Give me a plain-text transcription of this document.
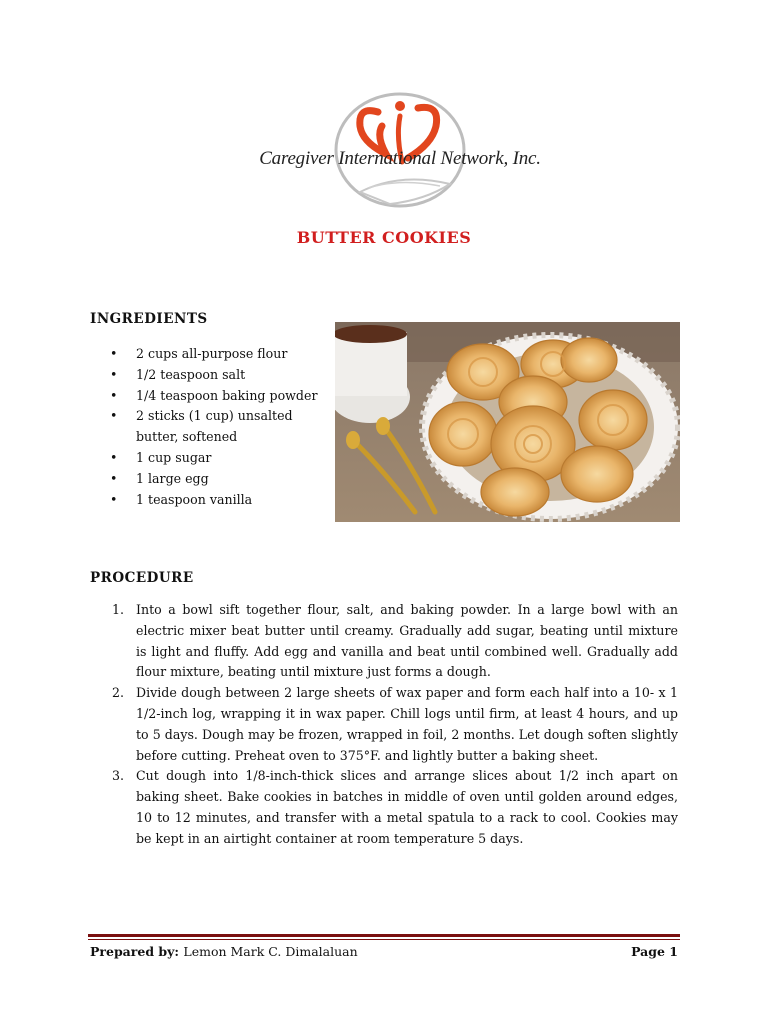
Caregiver International Network, Inc.
BUTTER COOKIES
INGREDIENTS
• 2 cups all-purpose flour
• 1/2 teaspoon salt
• 1/4 teaspoon baking powder
• 2 sticks (1 cup) unsalted butter, softened
• 1 cup sugar
• 1 large egg
• 1 teaspoon vanilla
PROCEDURE
1. Into a bowl sift together flour, salt, and baking powder. In a large bowl with an electric mixer beat butter until creamy. Gradually add sugar, beating until mixture is light and fluffy. Add egg and vanilla and beat until combined well. Gradually add flour mixture, beating until mixture just forms a dough.
2. Divide dough between 2 large sheets of wax paper and form each half into a 10- x 1 1/2-inch log, wrapping it in wax paper. Chill logs until firm, at least 4 hours, and up to 5 days. Dough may be frozen, wrapped in foil, 2 months. Let dough soften slightly before cutting. Preheat oven to 375°F. and lightly butter a baking sheet.
3. Cut dough into 1/8-inch-thick slices and arrange slices about 1/2 inch apart on baking sheet. Bake cookies in batches in middle of oven until golden around edges, 10 to 12 minutes, and transfer with a metal spatula to a rack to cool. Cookies may be kept in an airtight container at room temperature 5 days.
Prepared by: Lemon Mark C. Dimalaluan	Page 1
